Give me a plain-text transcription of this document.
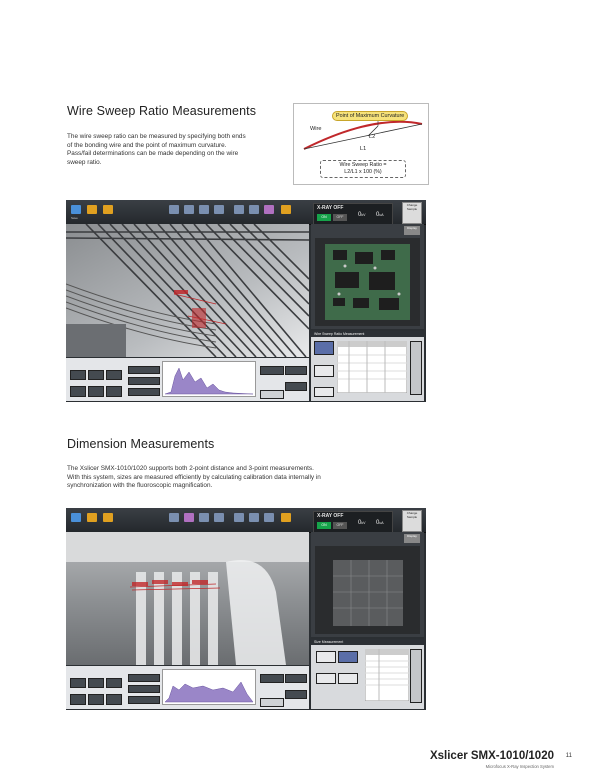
Wire Sweep Ratio Measurements
The wire sweep ratio can be measured by specifying both ends
of the bonding wire and the point of maximum curvature.
Pass/fail determinations can be made depending on the wire
sweep ratio.
Point of Maximum Curvature
Wire
L2
L1
Wire Sweep Ratio =
L2/L1 x 100 (%)
Save
X-RAY OFF
ON	OFF	0kV 0uA
Change Sample
Display
Wire Sweep Ratio Measurement
Dimension Measurements
The Xslicer SMX-1010/1020 supports both 2-point distance and 3-point measurements.
With this system, sizes are measured efficiently by calculating calibration data internally in
synchronization with the fluoroscopic magnification.
X-RAY OFF
ON	OFF	0kV 0uA
Change Sample
Display
Size Measurement
Xslicer SMX-1010/1020
Microfocus X-Ray Inspection System
11
